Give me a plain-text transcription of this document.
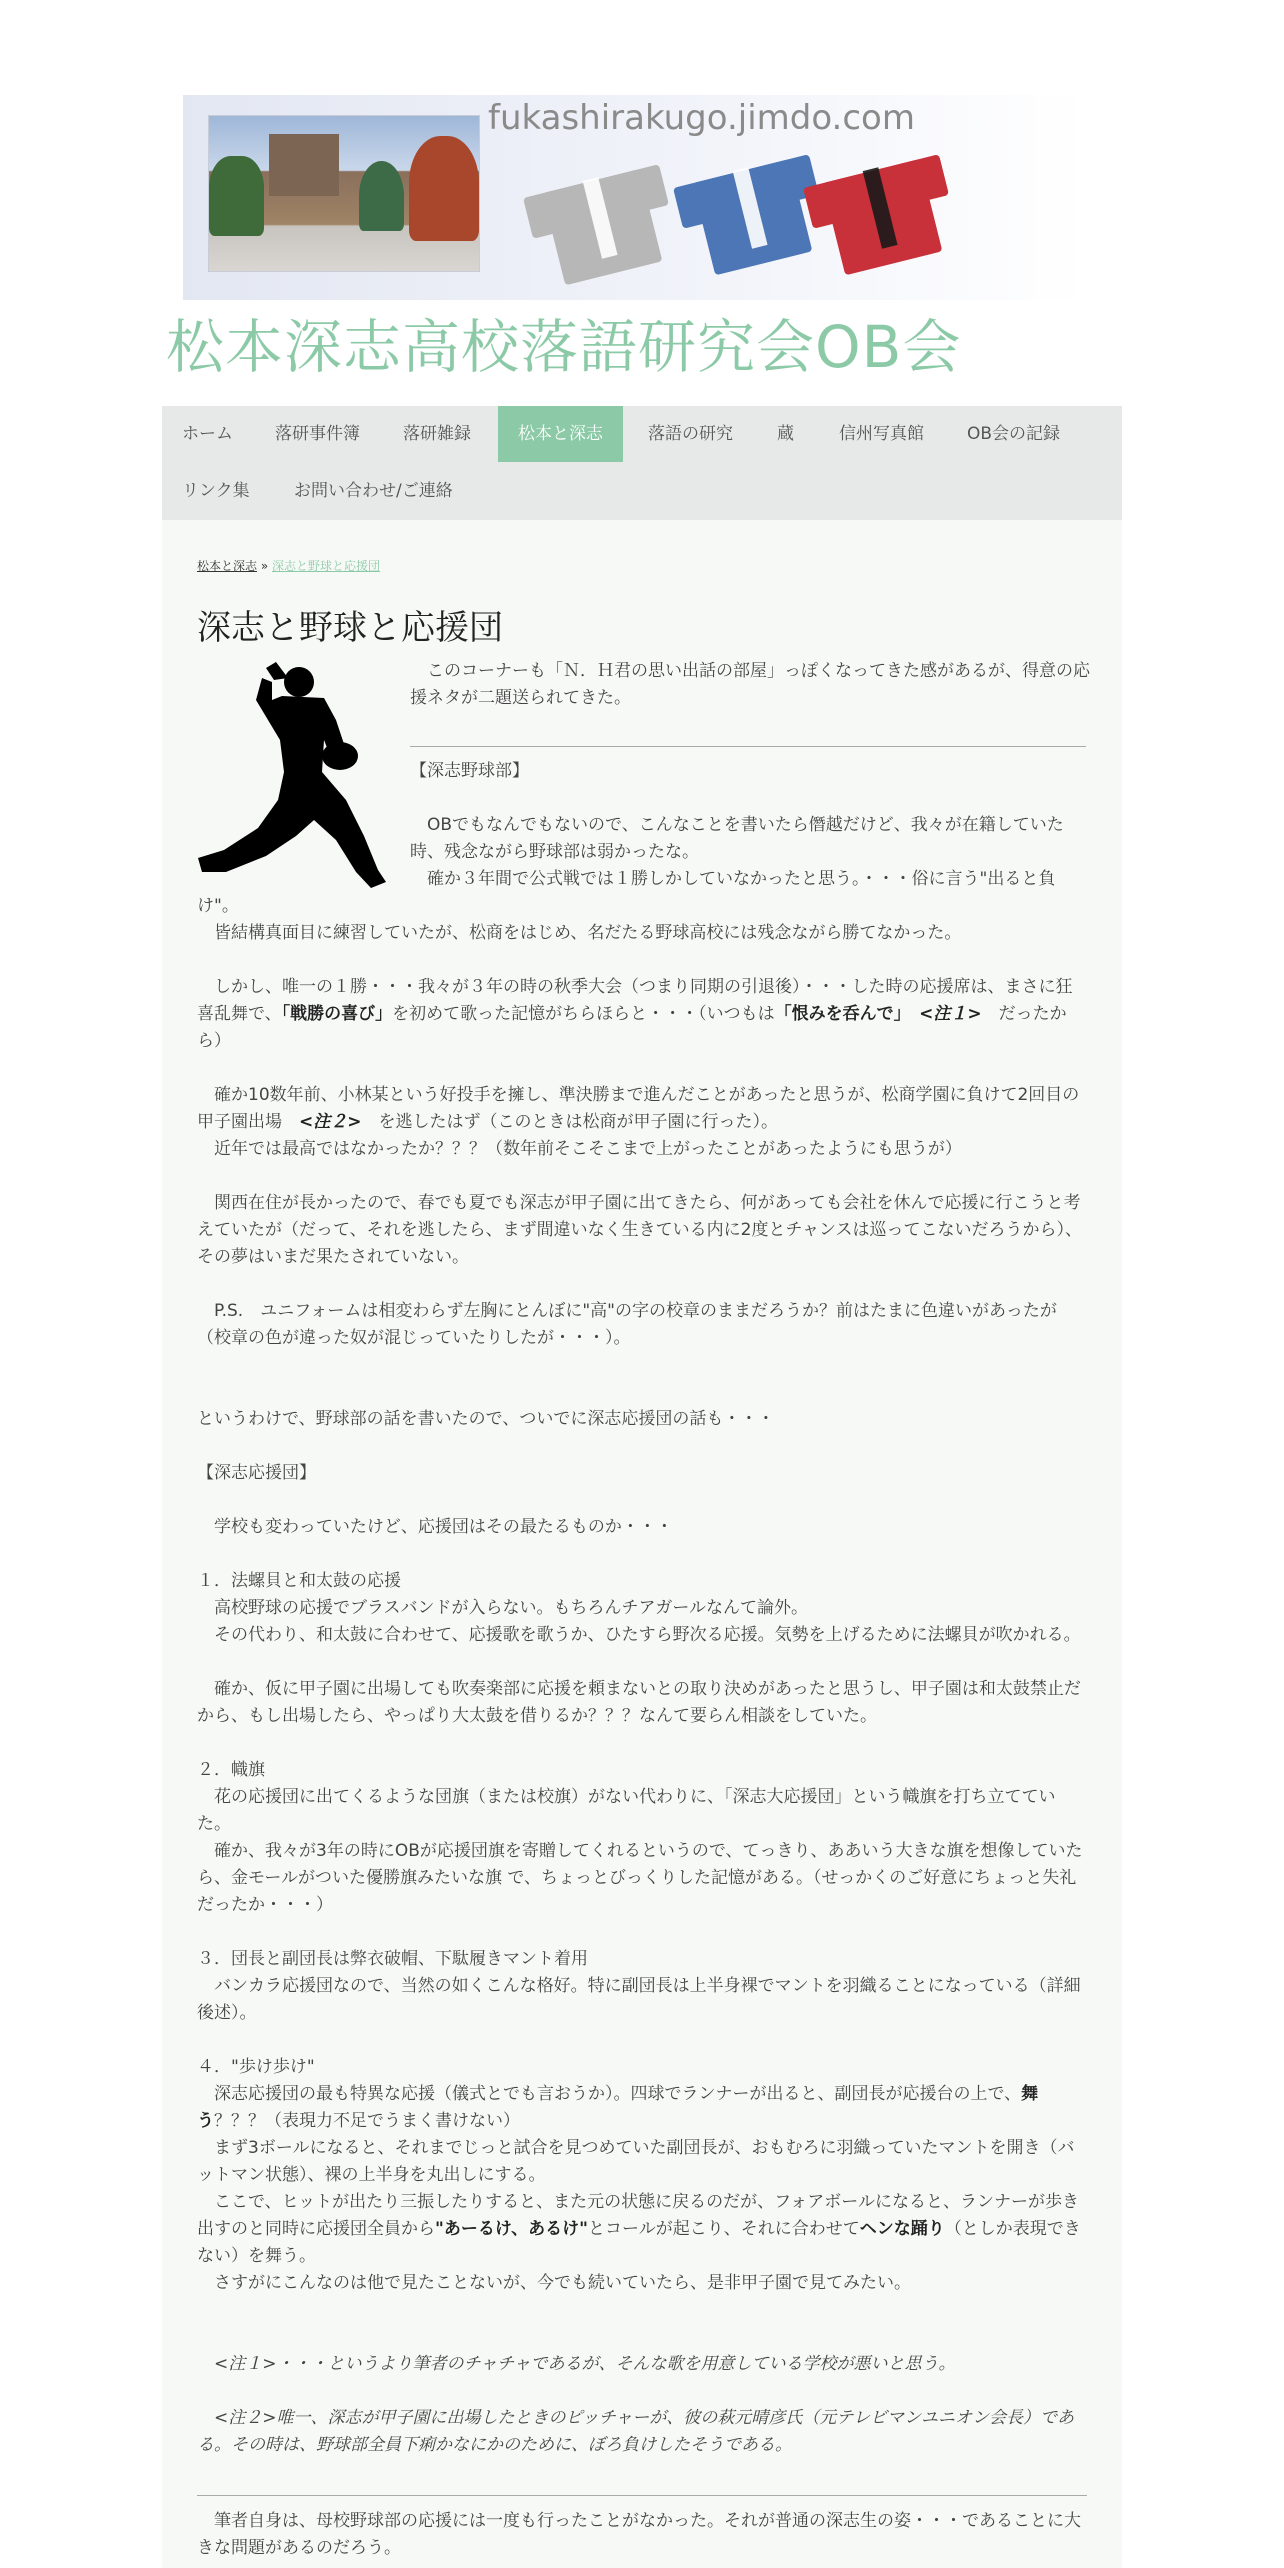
fukashirakugo.jimdo.com
松本深志高校落語研究会OB会
ホーム	落研事件簿	落研雑録	松本と深志	落語の研究	蔵	信州写真館	OB会の記録
リンク集	お問い合わせ/ご連絡
松本と深志 » 深志と野球と応援団
深志と野球と応援団
　このコーナーも「Ｎ．Ｈ君の思い出話の部屋」っぽくなってきた感があるが、得意の応援ネタが二題送られてきた。
【深志野球部】
　OBでもなんでもないので、こんなことを書いたら僭越だけど、我々が在籍していた時、残念ながら野球部は弱かったな。
　確か３年間で公式戦では１勝しかしていなかったと思う。・・・俗に言う"出ると負け"。
　皆結構真面目に練習していたが、松商をはじめ、名だたる野球高校には残念ながら勝てなかった。
　しかし、唯一の１勝・・・我々が３年の時の秋季大会（つまり同期の引退後）・・・した時の応援席は、まさに狂喜乱舞で、「戦勝の喜び」を初めて歌った記憶がちらほらと・・・（いつもは「恨みを呑んで」　<注１>　だったから）
　確か10数年前、小林某という好投手を擁し、準決勝まで進んだことがあったと思うが、松商学園に負けて2回目の甲子園出場　<注２>　を逃したはず（このときは松商が甲子園に行った）。
　近年では最高ではなかったか？？？（数年前そこそこまで上がったことがあったようにも思うが）
　関西在住が長かったので、春でも夏でも深志が甲子園に出てきたら、何があっても会社を休んで応援に行こうと考えていたが（だって、それを逃したら、まず間違いなく生きている内に2度とチャンスは巡ってこないだろうから）、その夢はいまだ果たされていない。
　P.S.　ユニフォームは相変わらず左胸にとんぼに"高"の字の校章のままだろうか？前はたまに色違いがあったが（校章の色が違った奴が混じっていたりしたが・・・）。
というわけで、野球部の話を書いたので、ついでに深志応援団の話も・・・
【深志応援団】
　学校も変わっていたけど、応援団はその最たるものか・・・
１．法螺貝と和太鼓の応援
　高校野球の応援でブラスバンドが入らない。もちろんチアガールなんて論外。
　その代わり、和太鼓に合わせて、応援歌を歌うか、ひたすら野次る応援。気勢を上げるために法螺貝が吹かれる。
　確か、仮に甲子園に出場しても吹奏楽部に応援を頼まないとの取り決めがあったと思うし、甲子園は和太鼓禁止だから、もし出場したら、やっぱり大太鼓を借りるか？？？なんて要らん相談をしていた。
２．幟旗
　花の応援団に出てくるような団旗（または校旗）がない代わりに、「深志大応援団」という幟旗を打ち立てていた。
　確か、我々が3年の時にOBが応援団旗を寄贈してくれるというので、てっきり、ああいう大きな旗を想像していたら、金モールがついた優勝旗みたいな旗 で、ちょっとびっくりした記憶がある。（せっかくのご好意にちょっと失礼だったか・・・）
３．団長と副団長は弊衣破帽、下駄履きマント着用
　バンカラ応援団なので、当然の如くこんな格好。特に副団長は上半身裸でマントを羽織ることになっている（詳細後述）。
４．"歩け歩け"
　深志応援団の最も特異な応援（儀式とでも言おうか）。四球でランナーが出ると、副団長が応援台の上で、舞う？？？（表現力不足でうまく書けない）
　まず3ボールになると、それまでじっと試合を見つめていた副団長が、おもむろに羽織っていたマントを開き（バットマン状態）、裸の上半身を丸出しにする。
　ここで、ヒットが出たり三振したりすると、また元の状態に戻るのだが、フォアボールになると、ランナーが歩き出すのと同時に応援団全員から"あーるけ、あるけ"とコールが起こり、それに合わせてヘンな踊り（としか表現できない）を舞う。
　さすがにこんなのは他で見たことないが、今でも続いていたら、是非甲子園で見てみたい。
　<注１>・・・というより筆者のチャチャであるが、そんな歌を用意している学校が悪いと思う。
　<注２>唯一、深志が甲子園に出場したときのピッチャーが、彼の萩元晴彦氏（元テレビマンユニオン会長）である。その時は、野球部全員下痢かなにかのために、ぼろ負けしたそうである。
　筆者自身は、母校野球部の応援には一度も行ったことがなかった。それが普通の深志生の姿・・・であることに大きな問題があるのだろう。
